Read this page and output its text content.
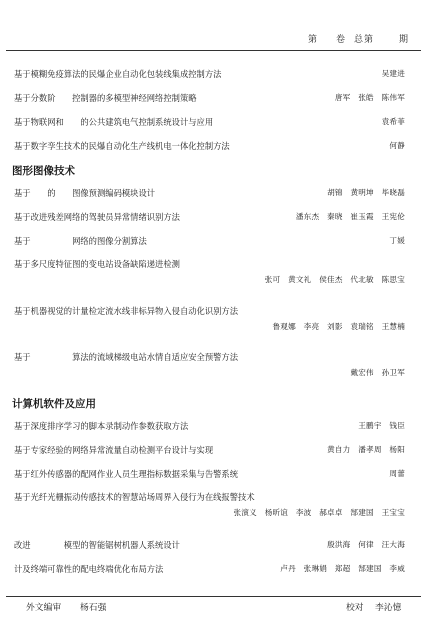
第 卷 总第	期
基于模糊免疫算法的民爆企业自动化包装线集成控制方法	吴建进
基于分数阶　　控制器的多模型神经网络控制策略	唐军　张皓　陈伟军
基于物联网和　　的公共建筑电气控制系统设计与应用	袁希菲
基于数字孪生技术的民爆自动化生产线机电一体化控制方法	何静
图形图像技术
基于　　的　　图像预测编码模块设计	胡锦　黄明坤　毕晓磊
基于改进残差网络的驾驶员异常情绪识别方法	潘东杰　秦晓　崔玉霞　王宪伦
基于　　　　　网络的图像分割算法	丁媛
基于多尺度特征图的变电站设备缺陷递进检测
张可　黄文礼　侯佳杰　代北敏　陈思宝
基于机器视觉的计量检定流水线非标异物入侵自动化识别方法
鲁观娜　李亮　刘影　袁瑞铭　王慧楠
基于　　　　　算法的流域梯级电站水情自适应安全预警方法
戴宏伟　孙卫军
计算机软件及应用
基于深度排序学习的脚本录制动作参数获取方法	王鹏宇　钱臣
基于专家经验的网络异常流量自动检测平台设计与实现	黄自力　潘孝周　杨阳
基于红外传感器的配网作业人员生理指标数据采集与告警系统	周蕾
基于光纤光栅振动传感技术的智慧站场周界入侵行为在线报警技术
张演义　杨昕谊　李波　郝卓卓　郜建国　王宝宝
改进　　　　模型的智能锯树机器人系统设计	殷洪海　何律　汪大海
计及终端可靠性的配电终端优化布局方法	卢丹　张琳娟　郑超　郜建国　李威
外文编审 杨石强	校对 李沁憶
